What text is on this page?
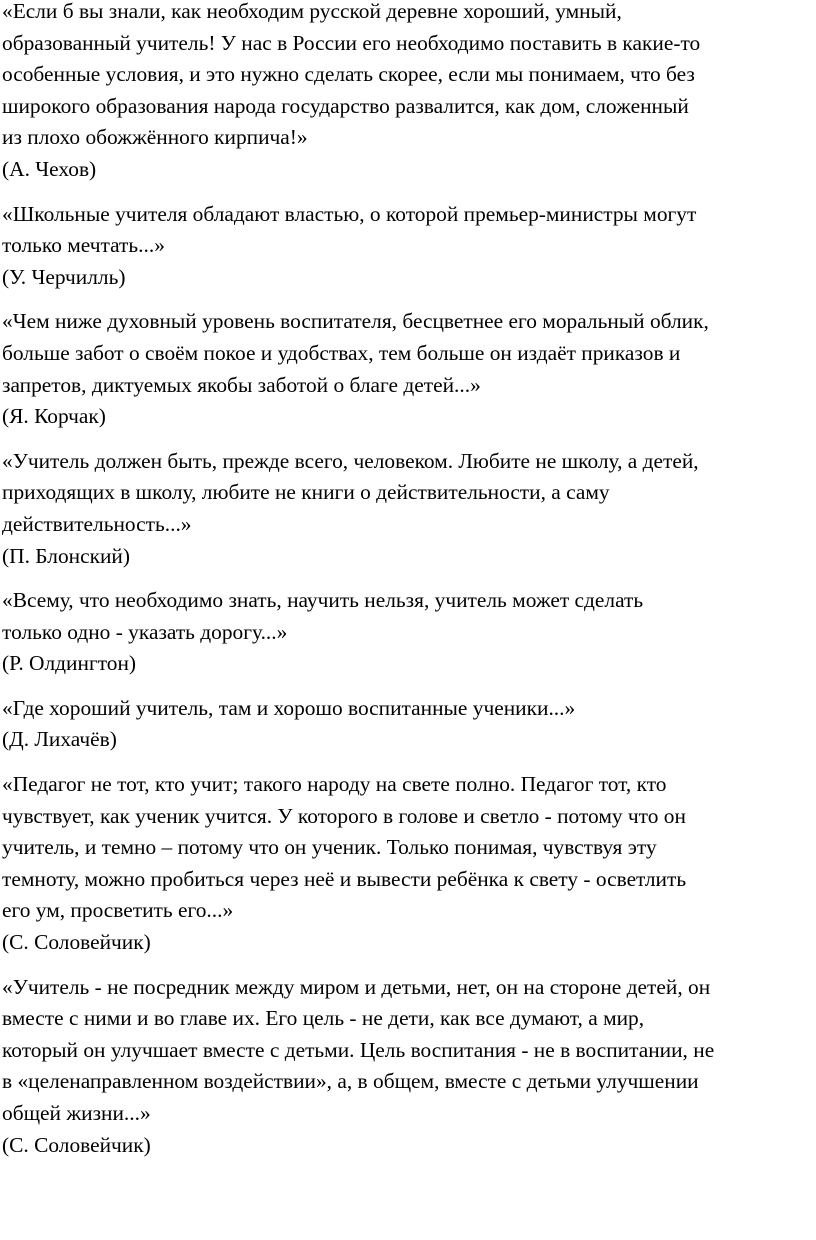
«Если б вы знали, как необходим русской деревне хороший, умный,
образованный учитель! У нас в России его необходимо поставить в какие-то
особенные условия, и это нужно сделать скорее, если мы понимаем, что без
широкого образования народа государство развалится, как дом, сложенный
из плохо обожжённого кирпича!»

(А. Чехов)

«Школьные учителя обладают властью, о которой премьер-министры могут
только мечтать...»

(У. Черчилль)

«Чем ниже духовный уровень воспитателя, бесцветнее его моральный облик,
больше забот о своём покое и удобствах, тем больше он издаёт приказов и
запретов, диктуемых якобы заботой о благе детей...»

(Я. Корчак)

«Учитель должен быть, прежде всего, человеком. Любите не школу, а детей,
приходящих в школу, любите не книги о действительности, а саму
действительность...»

(П. Блонский)

«Всему, что необходимо знать, научить нельзя, учитель может сделать
только одно - указать дорогу...»

(Р. Олдингтон)

«Где хороший учитель, там и хорошо воспитанные ученики...»

(Д. Лихачёв)

«Педагог не тот, кто учит; такого народу на свете полно. Педагог тот, кто
чувствует, как ученик учится. У которого в голове и светло - потому что он
учитель, и темно – потому что он ученик. Только понимая, чувствуя эту
темноту, можно пробиться через неё и вывести ребёнка к свету - осветлить
его ум, просветить его...»

(С. Соловейчик)

«Учитель - не посредник между миром и детьми, нет, он на стороне детей, он
вместе с ними и во главе их. Его цель - не дети, как все думают, а мир,
который он улучшает вместе с детьми. Цель воспитания - не в воспитании, не
в «целенаправленном воздействии», а, в общем, вместе с детьми улучшении
общей жизни...»

(С. Соловейчик)
